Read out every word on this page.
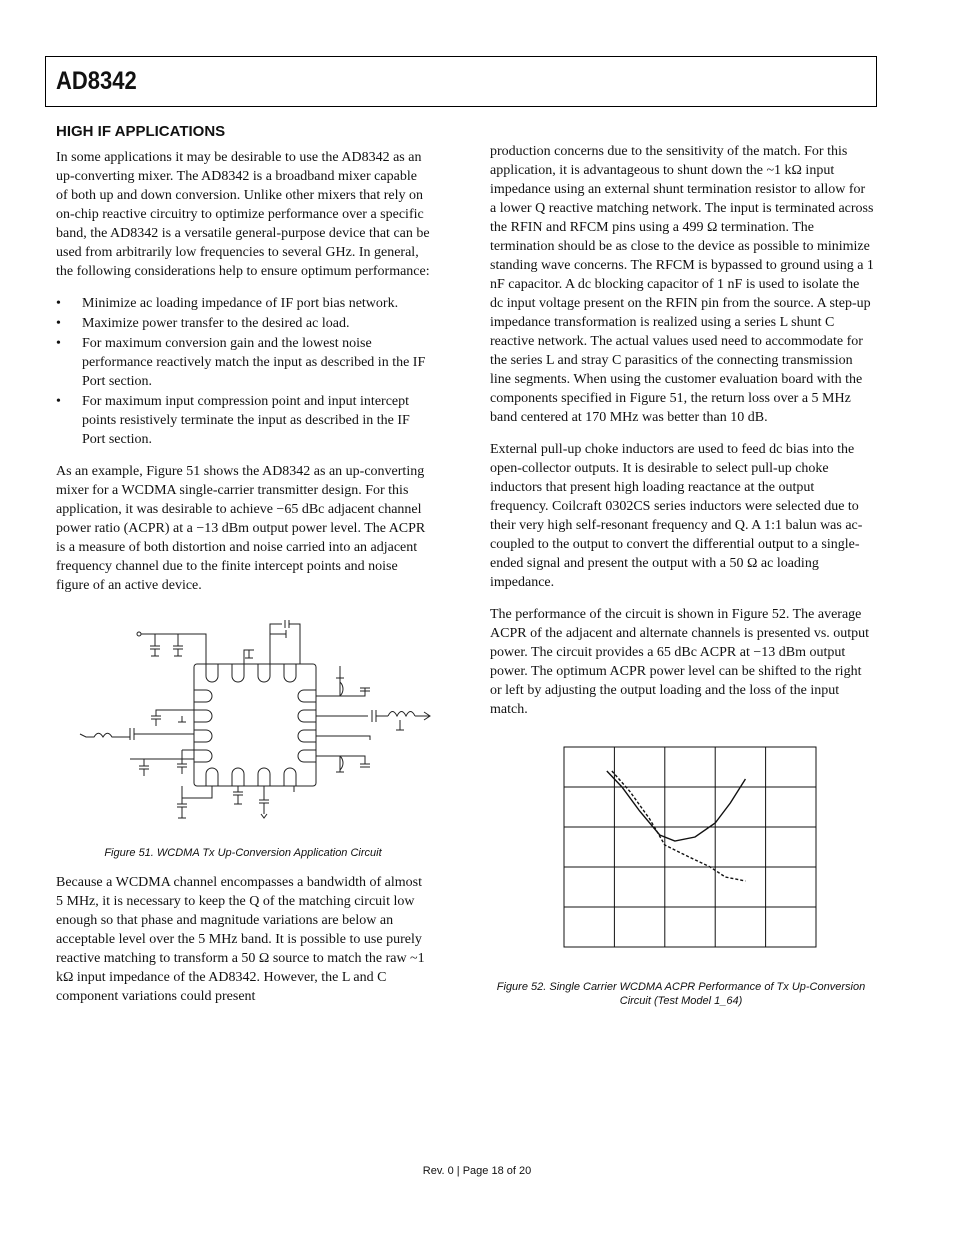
AD8342
HIGH IF APPLICATIONS

In some applications it may be desirable to use the AD8342 as an up-converting mixer. The AD8342 is a broadband mixer capable of both up and down conversion. Unlike other mixers that rely on on-chip reactive circuitry to optimize performance over a specific band, the AD8342 is a versatile general-purpose device that can be used from arbitrarily low frequencies to several GHz. In general, the following considerations help to ensure optimum performance:

• Minimize ac loading impedance of IF port bias network.
• Maximize power transfer to the desired ac load.
• For maximum conversion gain and the lowest noise performance reactively match the input as described in the IF Port section.
• For maximum input compression point and input intercept points resistively terminate the input as described in the IF Port section.

As an example, Figure 51 shows the AD8342 as an up-converting mixer for a WCDMA single-carrier transmitter design. For this application, it was desirable to achieve −65 dBc adjacent channel power ratio (ACPR) at a −13 dBm output power level. The ACPR is a measure of both distortion and noise carried into an adjacent frequency channel due to the finite intercept points and noise figure of an active device.

Figure 51. WCDMA Tx Up-Conversion Application Circuit

Because a WCDMA channel encompasses a bandwidth of almost 5 MHz, it is necessary to keep the Q of the matching circuit low enough so that phase and magnitude variations are below an acceptable level over the 5 MHz band. It is possible to use purely reactive matching to transform a 50 Ω source to match the raw ~1 kΩ input impedance of the AD8342. However, the L and C component variations could present

production concerns due to the sensitivity of the match. For this application, it is advantageous to shunt down the ~1 kΩ input impedance using an external shunt termination resistor to allow for a lower Q reactive matching network. The input is terminated across the RFIN and RFCM pins using a 499 Ω termination. The termination should be as close to the device as possible to minimize standing wave concerns. The RFCM is bypassed to ground using a 1 nF capacitor. A dc blocking capacitor of 1 nF is used to isolate the dc input voltage present on the RFIN pin from the source. A step-up impedance transformation is realized using a series L shunt C reactive network. The actual values used need to accommodate for the series L and stray C parasitics of the connecting transmission line segments. When using the customer evaluation board with the components specified in Figure 51, the return loss over a 5 MHz band centered at 170 MHz was better than 10 dB.

External pull-up choke inductors are used to feed dc bias into the open-collector outputs. It is desirable to select pull-up choke inductors that present high loading reactance at the output frequency. Coilcraft 0302CS series inductors were selected due to their very high self-resonant frequency and Q. A 1:1 balun was ac-coupled to the output to convert the differential output to a single-ended signal and present the output with a 50 Ω ac loading impedance.

The performance of the circuit is shown in Figure 52. The average ACPR of the adjacent and alternate channels is presented vs. output power. The circuit provides a 65 dBc ACPR at −13 dBm output power. The optimum ACPR power level can be shifted to the right or left by adjusting the output loading and the loss of the input match.

Figure 52. Single Carrier WCDMA ACPR Performance of Tx Up-Conversion Circuit (Test Model 1_64)
Rev. 0 | Page 18 of 20
